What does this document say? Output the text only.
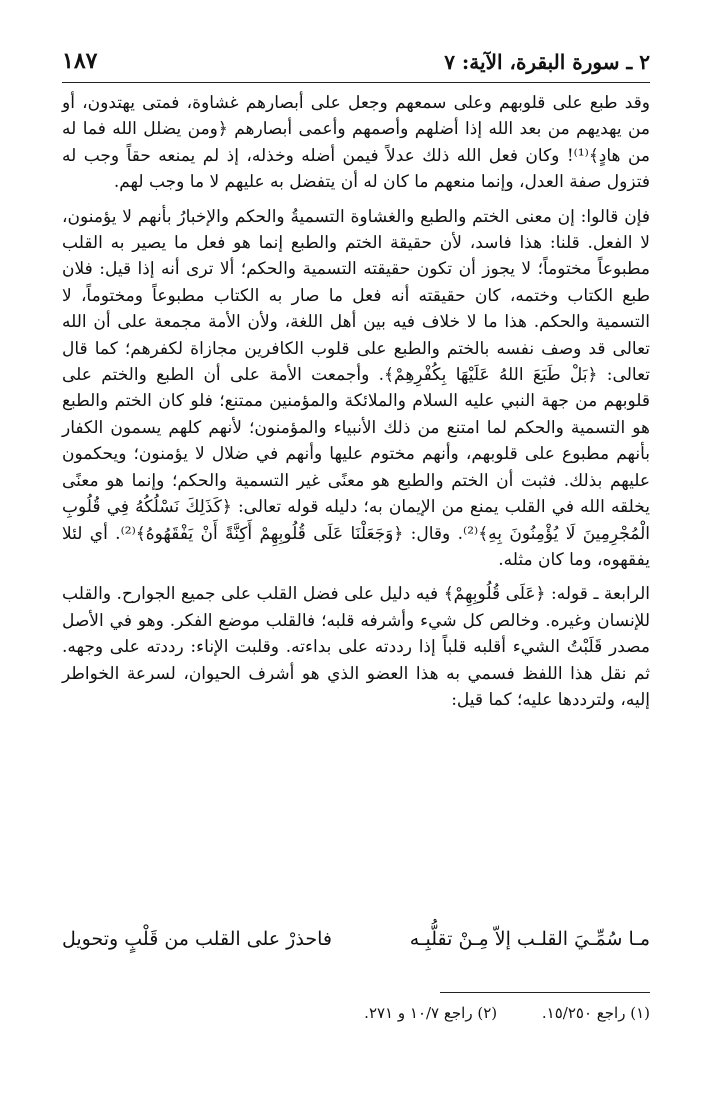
٢ ـ سورة البقرة، الآية: ٧
١٨٧

وقد طبع على قلوبهم وعلى سمعهم وجعل على أبصارهم غشاوة، فمتى يهتدون، أو من يهديهم من بعد الله إذا أضلهم وأصمهم وأعمى أبصارهم ﴿ومن يضلل الله فما له من هادٍ﴾⁽¹⁾! وكان فعل الله ذلك عدلاً فيمن أضله وخذله، إذ لم يمنعه حقاً وجب له فتزول صفة العدل، وإنما منعهم ما كان له أن يتفضل به عليهم لا ما وجب لهم.

فإن قالوا: إن معنى الختم والطبع والغشاوة التسميةُ والحكم والإخبارُ بأنهم لا يؤمنون، لا الفعل. قلنا: هذا فاسد، لأن حقيقة الختم والطبع إنما هو فعل ما يصير به القلب مطبوعاً مختوماً؛ لا يجوز أن تكون حقيقته التسمية والحكم؛ ألا ترى أنه إذا قيل: فلان طبع الكتاب وختمه، كان حقيقته أنه فعل ما صار به الكتاب مطبوعاً ومختوماً، لا التسمية والحكم. هذا ما لا خلاف فيه بين أهل اللغة، ولأن الأمة مجمعة على أن الله تعالى قد وصف نفسه بالختم والطبع على قلوب الكافرين مجازاة لكفرهم؛ كما قال تعالى: ﴿بَلْ طَبَعَ اللهُ عَلَيْهَا بِكُفْرِهِمْ﴾. وأجمعت الأمة على أن الطبع والختم على قلوبهم من جهة النبي عليه السلام والملائكة والمؤمنين ممتنع؛ فلو كان الختم والطبع هو التسمية والحكم لما امتنع من ذلك الأنبياء والمؤمنون؛ لأنهم كلهم يسمون الكفار بأنهم مطبوع على قلوبهم، وأنهم مختوم عليها وأنهم في ضلال لا يؤمنون؛ ويحكمون عليهم بذلك. فثبت أن الختم والطبع هو معنًى غير التسمية والحكم؛ وإنما هو معنًى يخلقه الله في القلب يمنع من الإيمان به؛ دليله قوله تعالى: ﴿كَذَلِكَ نَسْلُكُهُ فِي قُلُوبِ الْمُجْرِمِينَ لَا يُؤْمِنُونَ بِهِ﴾⁽²⁾. وقال: ﴿وَجَعَلْنَا عَلَى قُلُوبِهِمْ أَكِنَّةً أَنْ يَفْقَهُوهُ﴾⁽²⁾. أي لئلا يفقهوه، وما كان مثله.

الرابعة ـ قوله: ﴿عَلَى قُلُوبِهِمْ﴾ فيه دليل على فضل القلب على جميع الجوارح. والقلب للإنسان وغيره. وخالص كل شيء وأشرفه قلبه؛ فالقلب موضع الفكر. وهو في الأصل مصدر قَلَبْتُ الشيء أقلبه قلباً إذا رددته على بداءته. وقلبت الإناء: رددته على وجهه. ثم نقل هذا اللفظ فسمي به هذا العضو الذي هو أشرف الحيوان، لسرعة الخواطر إليه، ولترددها عليه؛ كما قيل:

مـا سُمِّـيَ القلـب إلاّ مِـنْ تقلُّبِـه
فاحذرْ على القلب من قَلْبٍ وتحويل
(١) راجع ١٥/٢٥٠. (٢) راجع ١٠/٧ و ٢٧١.
